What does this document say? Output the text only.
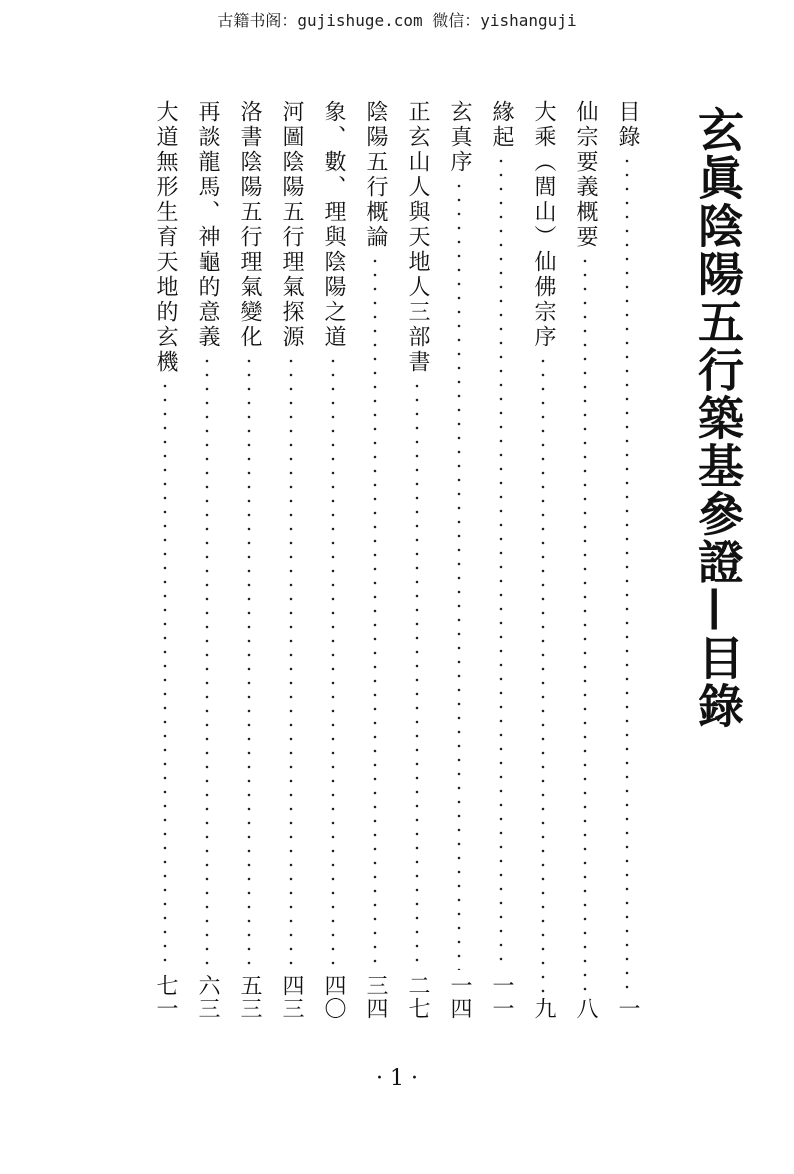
古籍书阁：gujishuge.com 微信：yishanguji
玄眞陰陽五行築基參證—目錄
目錄
一
仙宗要義概要
八
大乘（閭山）仙佛宗序
九
緣起
一一
玄真序
一四
正玄山人與天地人三部書
二七
陰陽五行概論
三四
象、數、理與陰陽之道
四〇
河圖陰陽五行理氣探源
四三
洛書陰陽五行理氣變化
五三
再談龍馬、神龜的意義
六三
大道無形生育天地的玄機
七一
· 1 ·
